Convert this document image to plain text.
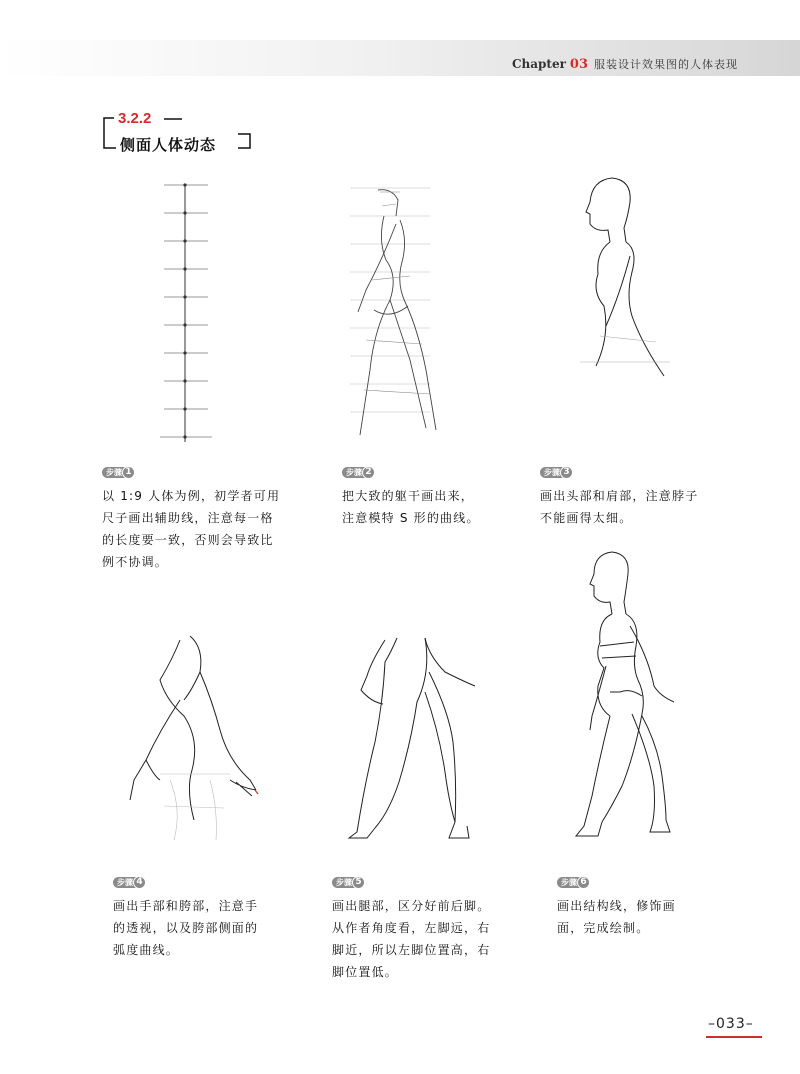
Chapter 03 服装设计效果图的人体表现
3.2.2
侧面人体动态
步骤 1
以 1:9 人体为例，初学者可用
尺子画出辅助线，注意每一格
的长度要一致，否则会导致比
例不协调。
步骤 2
把大致的躯干画出来，
注意模特 S 形的曲线。
步骤 3
画出头部和肩部，注意脖子
不能画得太细。
步骤 4
画出手部和胯部，注意手
的透视，以及胯部侧面的
弧度曲线。
步骤 5
画出腿部，区分好前后脚。
从作者角度看，左脚远，右
脚近，所以左脚位置高，右
脚位置低。
步骤 6
画出结构线，修饰画
面，完成绘制。
–033–
